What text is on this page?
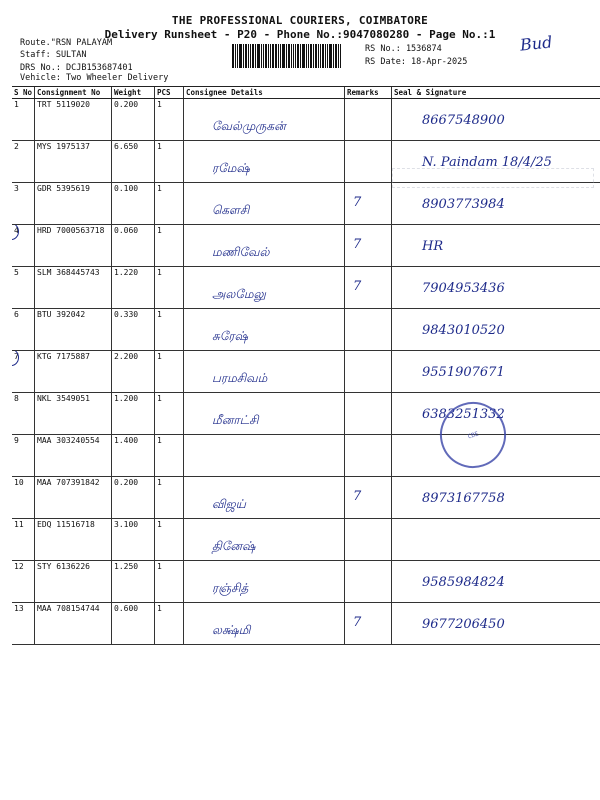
THE PROFESSIONAL COURIERS, COIMBATORE
Delivery Runsheet - P20 - Phone No.:9047080280 - Page No.:1
Route."RSN PALAYAM
Staff: SULTAN
DRS No.: DCJB153687401
Vehicle: Two Wheeler Delivery
RS No.: 1536874
RS Date: 18-Apr-2025
Bud
S No	Consignment No	Weight	PCS	Consignee Details	Remarks	Seal & Signature
1	TRT 5119020	0.200	1	வேல்முருகன்		8667548900

2	MYS 1975137	6.650	1	ரமேஷ்		N. Paindam 18/4/25

3	GDR 5395619	0.100	1	கௌசி	7	8903773984

4	HRD 7000563718	0.060	1	மணிவேல்	7	HR

5	SLM 368445743	1.220	1	அலமேலு	7	7904953436

6	BTU 392042	0.330	1	சுரேஷ்		9843010520

7	KTG 7175887	2.200	1	பரமசிவம்		9551907671

8	NKL 3549051	1.200	1	மீனாட்சி		6383251332

9	MAA 303240554	1.400	1	

10	MAA 707391842	0.200	1	விஜய்	7	8973167758

11	EDQ 11516718	3.100	1	தினேஷ்		

12	STY 6136226	1.250	1	ரஞ்சித்		9585984824

13	MAA 708154744	0.600	1	லக்ஷ்மி	7	9677206450
CBE
